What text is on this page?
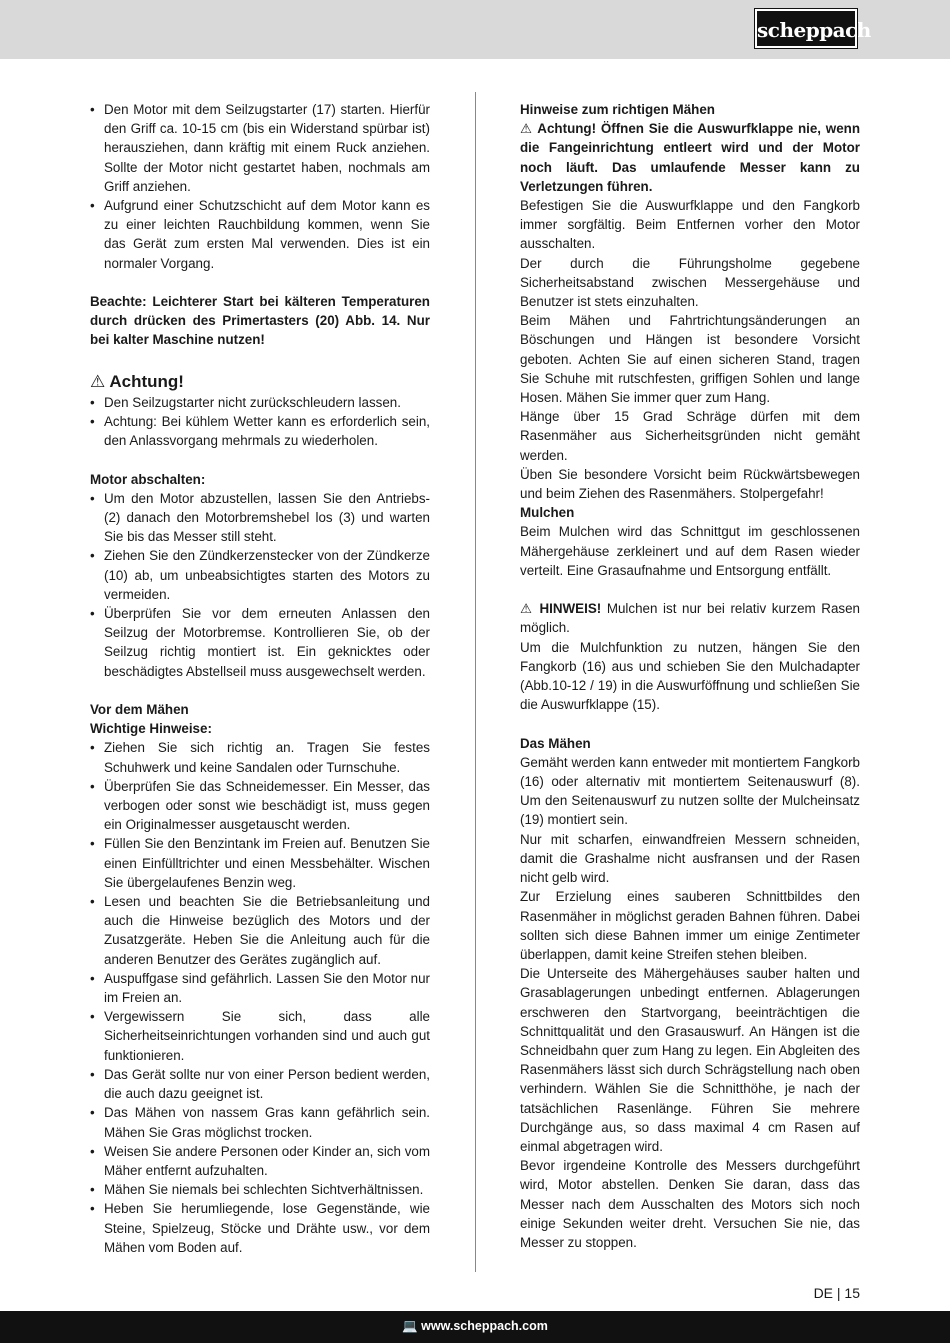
scheppach
• Den Motor mit dem Seilzugstarter (17) starten. Hierfür den Griff ca. 10-15 cm (bis ein Widerstand spürbar ist) herausziehen, dann kräftig mit einem Ruck anziehen. Sollte der Motor nicht gestartet haben, nochmals am Griff anziehen.
• Aufgrund einer Schutzschicht auf dem Motor kann es zu einer leichten Rauchbildung kommen, wenn Sie das Gerät zum ersten Mal verwenden. Dies ist ein normaler Vorgang.

Beachte: Leichterer Start bei kälteren Temperaturen durch drücken des Primertasters (20) Abb. 14. Nur bei kalter Maschine nutzen!

⚠ Achtung!

• Den Seilzugstarter nicht zurückschleudern lassen.
• Achtung: Bei kühlem Wetter kann es erforderlich sein, den Anlassvorgang mehrmals zu wiederholen.

Motor abschalten:

• Um den Motor abzustellen, lassen Sie den Antriebs- (2) danach den Motorbremshebel los (3) und warten Sie bis das Messer still steht.
• Ziehen Sie den Zündkerzenstecker von der Zündkerze (10) ab, um unbeabsichtigtes starten des Motors zu vermeiden.
• Überprüfen Sie vor dem erneuten Anlassen den Seilzug der Motorbremse. Kontrollieren Sie, ob der Seilzug richtig montiert ist. Ein geknicktes oder beschädigtes Abstellseil muss ausgewechselt werden.

Vor dem Mähen

Wichtige Hinweise:

• Ziehen Sie sich richtig an. Tragen Sie festes Schuhwerk und keine Sandalen oder Turnschuhe.
• Überprüfen Sie das Schneidemesser. Ein Messer, das verbogen oder sonst wie beschädigt ist, muss gegen ein Originalmesser ausgetauscht werden.
• Füllen Sie den Benzintank im Freien auf. Benutzen Sie einen Einfülltrichter und einen Messbehälter. Wischen Sie übergelaufenes Benzin weg.
• Lesen und beachten Sie die Betriebsanleitung und auch die Hinweise bezüglich des Motors und der Zusatzgeräte. Heben Sie die Anleitung auch für die anderen Benutzer des Gerätes zugänglich auf.
• Auspuffgase sind gefährlich. Lassen Sie den Motor nur im Freien an.
• Vergewissern Sie sich, dass alle Sicherheitseinrichtungen vorhanden sind und auch gut funktionieren.
• Das Gerät sollte nur von einer Person bedient werden, die auch dazu geeignet ist.
• Das Mähen von nassem Gras kann gefährlich sein. Mähen Sie Gras möglichst trocken.
• Weisen Sie andere Personen oder Kinder an, sich vom Mäher entfernt aufzuhalten.
• Mähen Sie niemals bei schlechten Sichtverhältnissen.
• Heben Sie herumliegende, lose Gegenstände, wie Steine, Spielzeug, Stöcke und Drähte usw., vor dem Mähen vom Boden auf.

Hinweise zum richtigen Mähen

⚠ Achtung! Öffnen Sie die Auswurfklappe nie, wenn die Fangeinrichtung entleert wird und der Motor noch läuft. Das umlaufende Messer kann zu Verletzungen führen.

Befestigen Sie die Auswurfklappe und den Fangkorb immer sorgfältig. Beim Entfernen vorher den Motor ausschalten.

Der durch die Führungsholme gegebene Sicherheitsabstand zwischen Messergehäuse und Benutzer ist stets einzuhalten.

Beim Mähen und Fahrtrichtungsänderungen an Böschungen und Hängen ist besondere Vorsicht geboten. Achten Sie auf einen sicheren Stand, tragen Sie Schuhe mit rutschfesten, griffigen Sohlen und lange Hosen. Mähen Sie immer quer zum Hang.

Hänge über 15 Grad Schräge dürfen mit dem Rasenmäher aus Sicherheitsgründen nicht gemäht werden.

Üben Sie besondere Vorsicht beim Rückwärtsbewegen und beim Ziehen des Rasenmähers. Stolpergefahr!

Mulchen

Beim Mulchen wird das Schnittgut im geschlossenen Mähergehäuse zerkleinert und auf dem Rasen wieder verteilt. Eine Grasaufnahme und Entsorgung entfällt.

⚠ HINWEIS! Mulchen ist nur bei relativ kurzem Rasen möglich.

Um die Mulchfunktion zu nutzen, hängen Sie den Fangkorb (16) aus und schieben Sie den Mulchadapter (Abb.10-12 / 19) in die Auswurföffnung und schließen Sie die Auswurfklappe (15).

Das Mähen

Gemäht werden kann entweder mit montiertem Fangkorb (16) oder alternativ mit montiertem Seitenauswurf (8). Um den Seitenauswurf zu nutzen sollte der Mulcheinsatz (19) montiert sein.

Nur mit scharfen, einwandfreien Messern schneiden, damit die Grashalme nicht ausfransen und der Rasen nicht gelb wird.

Zur Erzielung eines sauberen Schnittbildes den Rasenmäher in möglichst geraden Bahnen führen. Dabei sollten sich diese Bahnen immer um einige Zentimeter überlappen, damit keine Streifen stehen bleiben.

Die Unterseite des Mähergehäuses sauber halten und Grasablagerungen unbedingt entfernen. Ablagerungen erschweren den Startvorgang, beeinträchtigen die Schnittqualität und den Grasauswurf. An Hängen ist die Schneidbahn quer zum Hang zu legen. Ein Abgleiten des Rasenmähers lässt sich durch Schrägstellung nach oben verhindern. Wählen Sie die Schnitthöhe, je nach der tatsächlichen Rasenlänge. Führen Sie mehrere Durchgänge aus, so dass maximal 4 cm Rasen auf einmal abgetragen wird.

Bevor irgendeine Kontrolle des Messers durchgeführt wird, Motor abstellen. Denken Sie daran, dass das Messer nach dem Ausschalten des Motors sich noch einige Sekunden weiter dreht. Versuchen Sie nie, das Messer zu stoppen.

DE | 15
💻 www.scheppach.com
